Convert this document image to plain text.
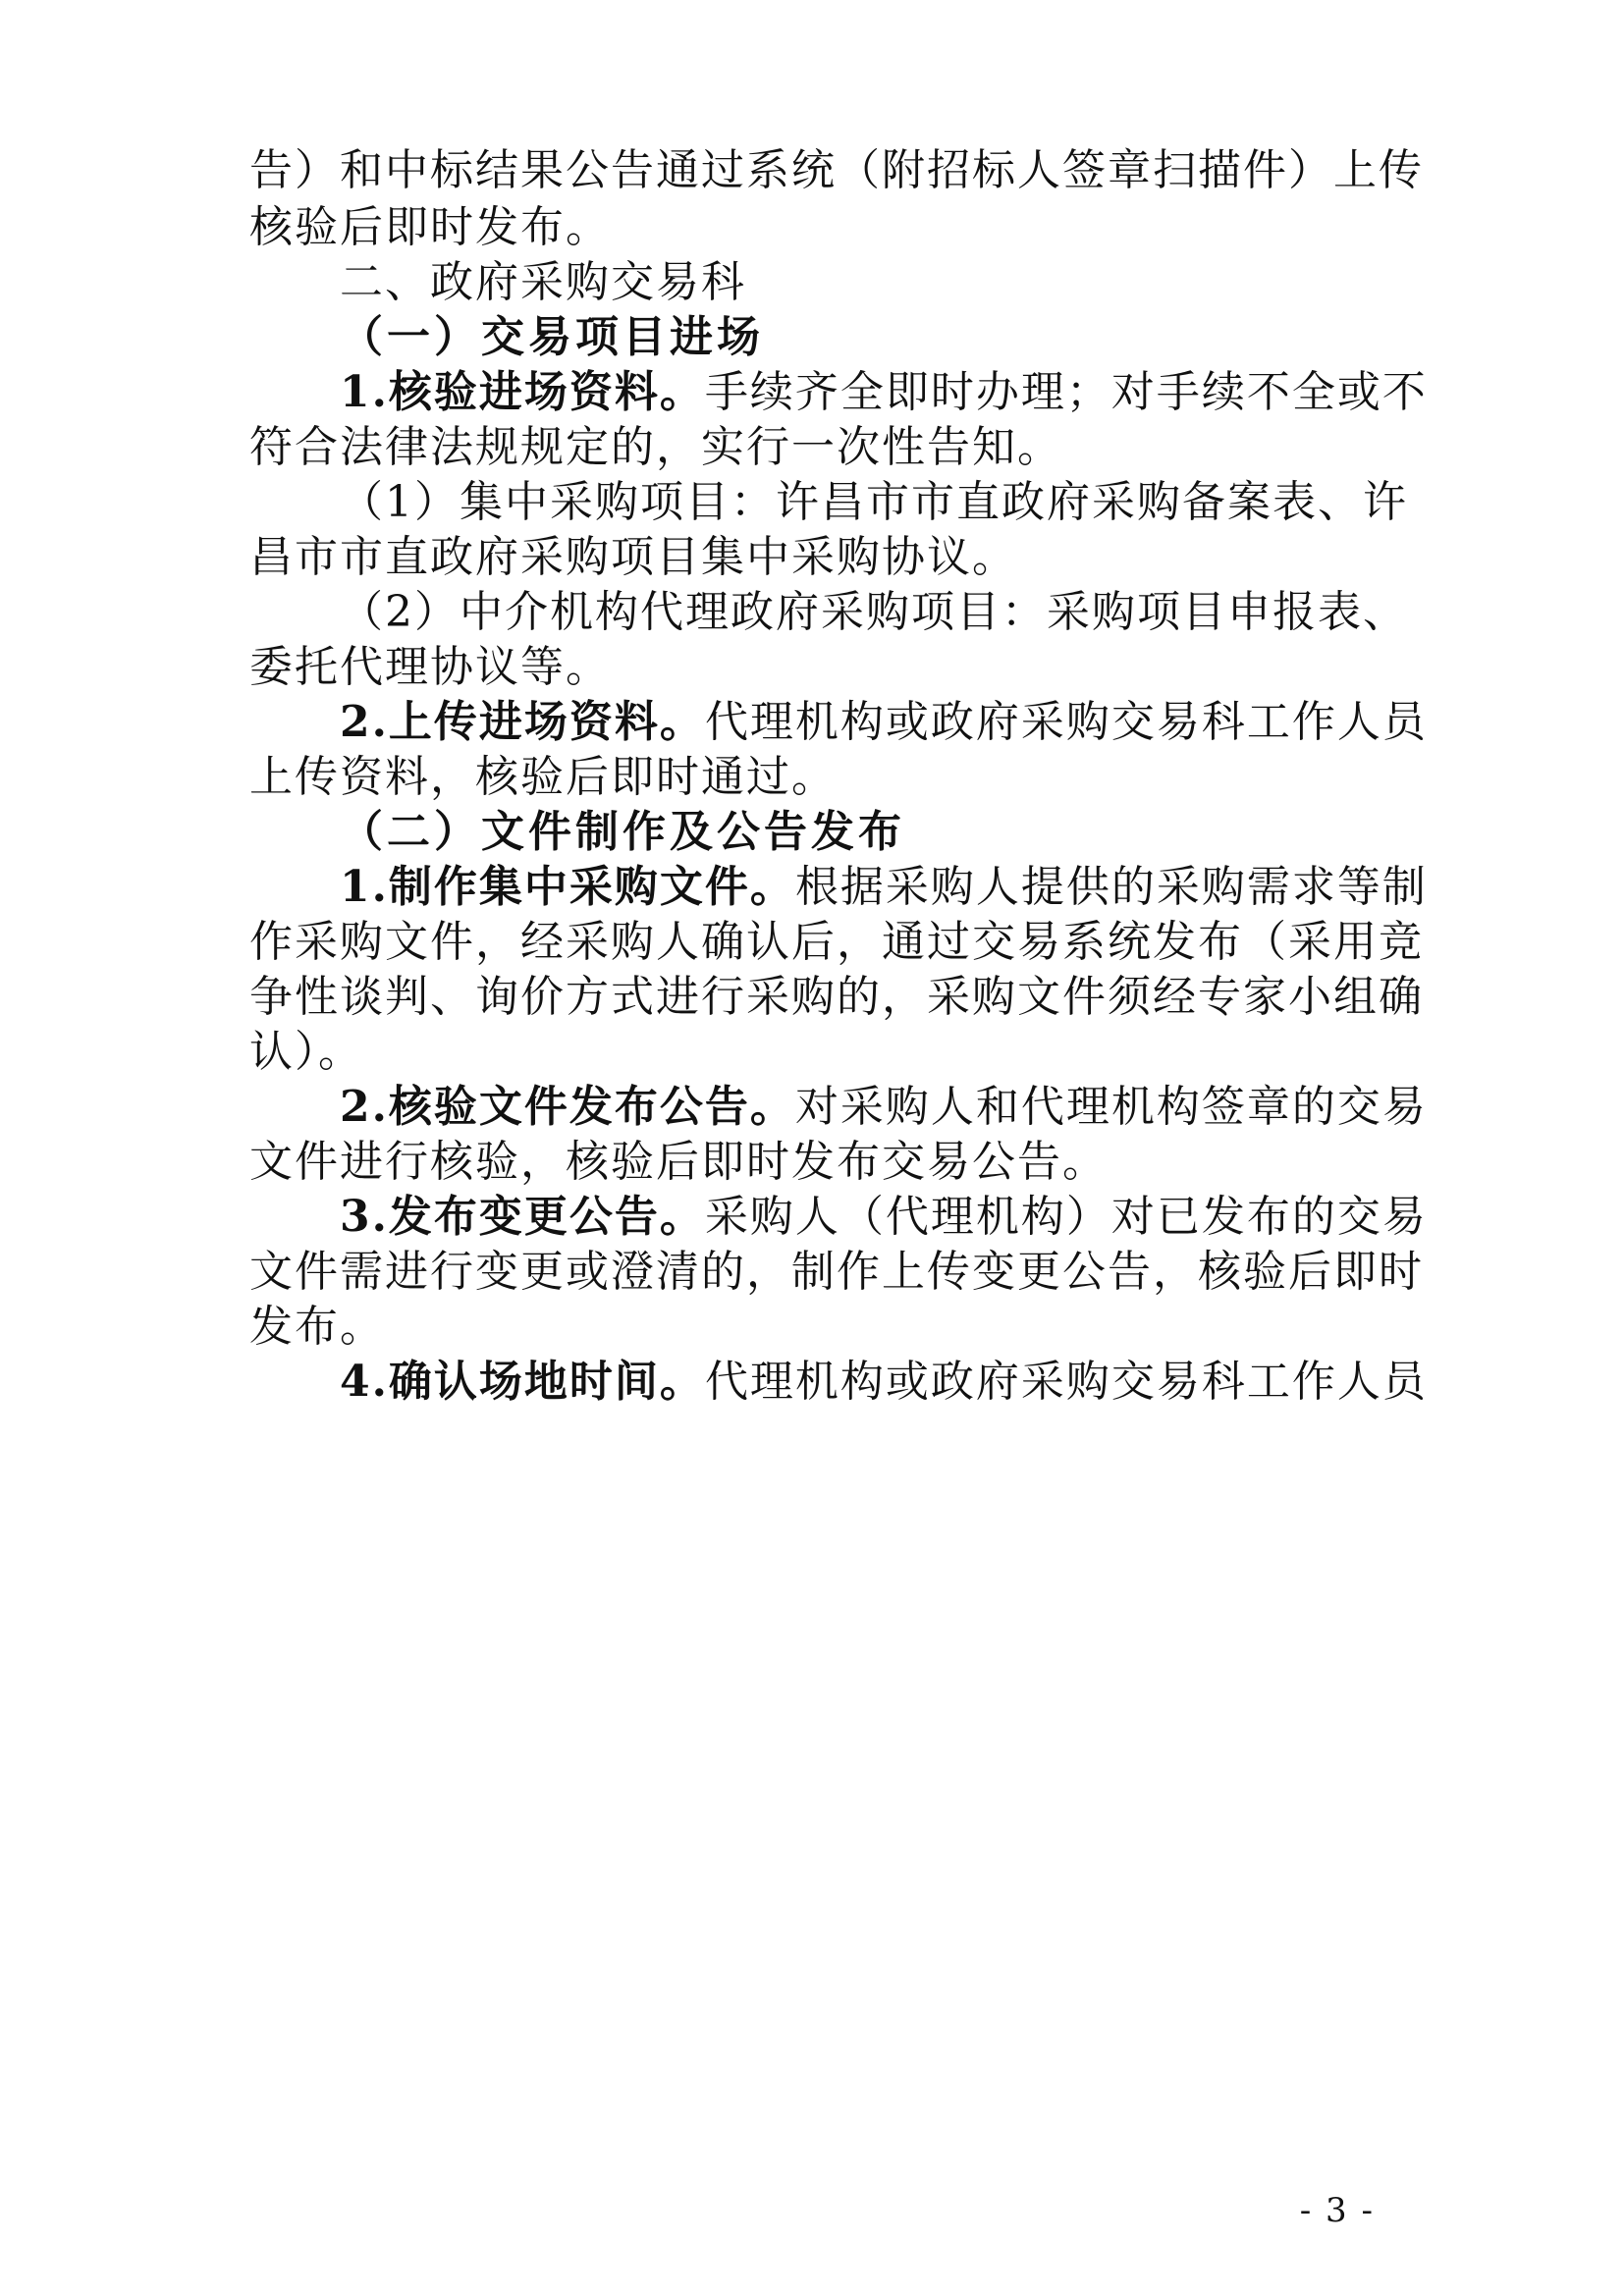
告）和中标结果公告通过系统（附招标人签章扫描件）上传
核验后即时发布。
二、政府采购交易科
（一）交易项目进场
1.核验进场资料。手续齐全即时办理；对手续不全或不
符合法律法规规定的，实行一次性告知。
（1）集中采购项目：许昌市市直政府采购备案表、许
昌市市直政府采购项目集中采购协议。
（2）中介机构代理政府采购项目：采购项目申报表、
委托代理协议等。
2.上传进场资料。代理机构或政府采购交易科工作人员
上传资料，核验后即时通过。
（二）文件制作及公告发布
1.制作集中采购文件。根据采购人提供的采购需求等制
作采购文件，经采购人确认后，通过交易系统发布（采用竞
争性谈判、询价方式进行采购的，采购文件须经专家小组确
认）。
2.核验文件发布公告。对采购人和代理机构签章的交易
文件进行核验，核验后即时发布交易公告。
3.发布变更公告。采购人（代理机构）对已发布的交易
文件需进行变更或澄清的，制作上传变更公告，核验后即时
发布。
4.确认场地时间。代理机构或政府采购交易科工作人员
- 3 -
